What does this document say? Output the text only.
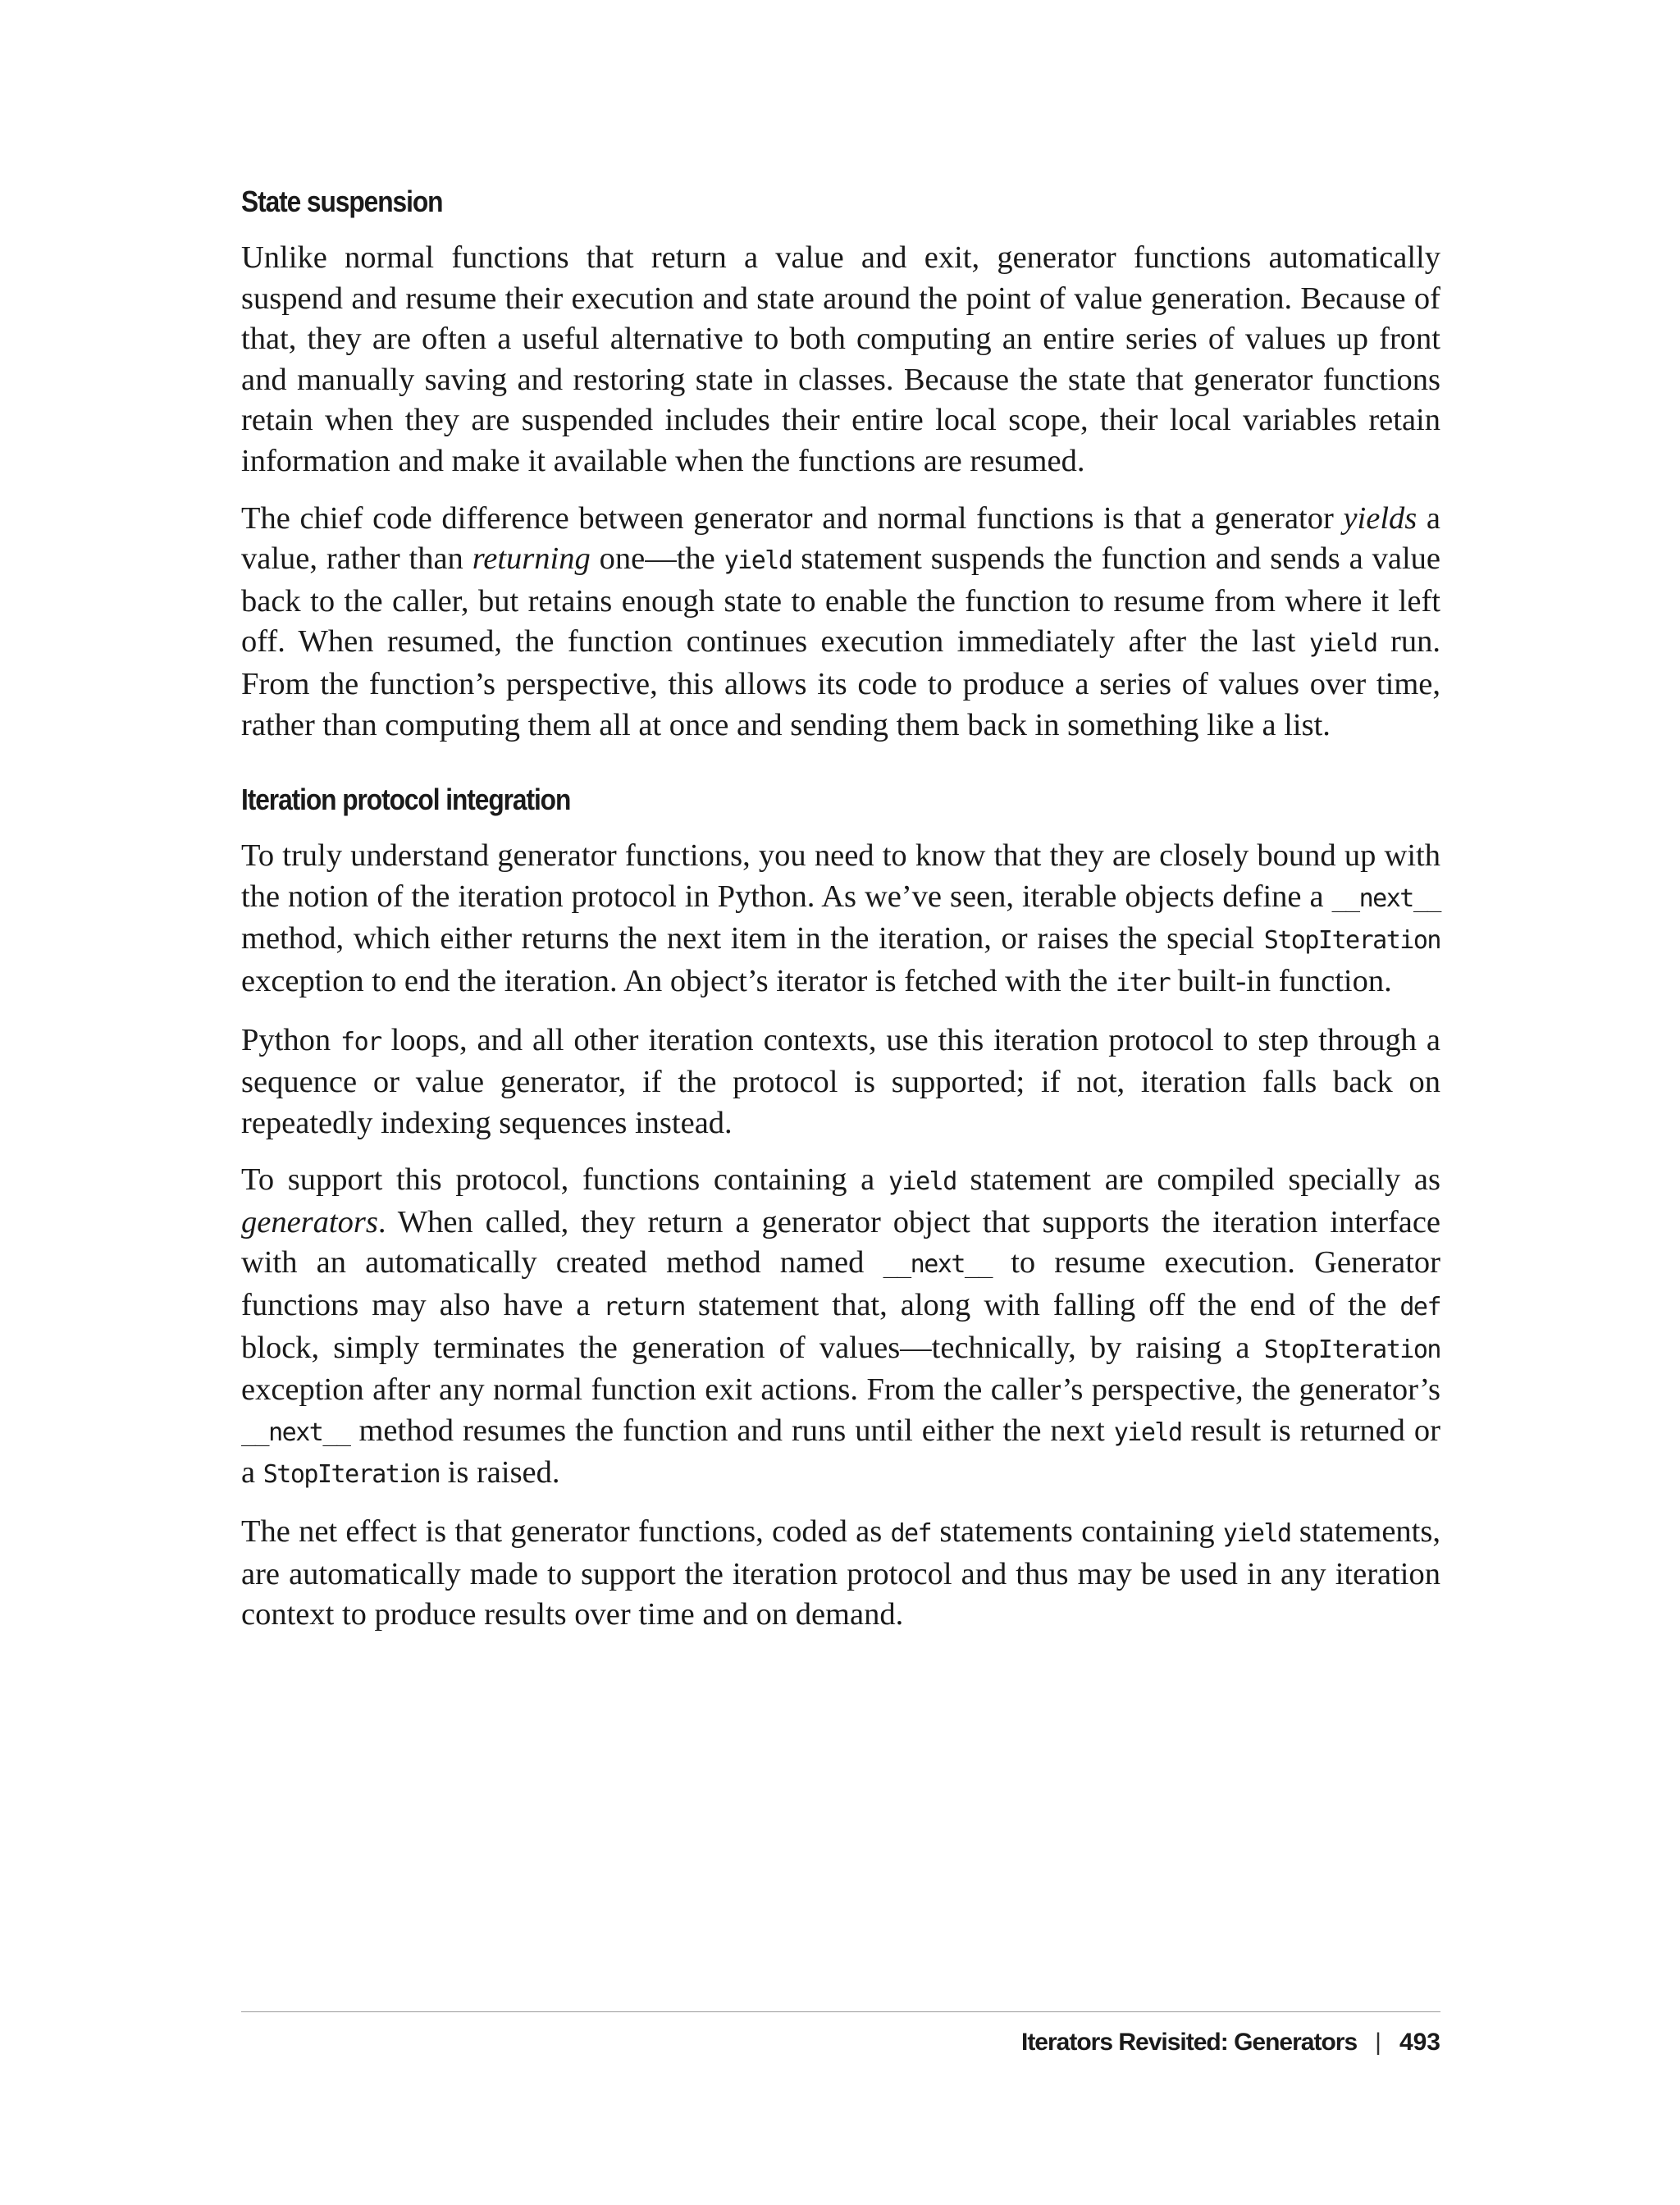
State suspension

Unlike normal functions that return a value and exit, generator functions automatically suspend and resume their execution and state around the point of value generation. Because of that, they are often a useful alternative to both computing an entire series of values up front and manually saving and restoring state in classes. Because the state that generator functions retain when they are suspended includes their entire local scope, their local variables retain information and make it available when the functions are resumed.

The chief code difference between generator and normal functions is that a generator yields a value, rather than returning one—the yield statement suspends the function and sends a value back to the caller, but retains enough state to enable the function to resume from where it left off. When resumed, the function continues execution immediately after the last yield run. From the function’s perspective, this allows its code to produce a series of values over time, rather than computing them all at once and sending them back in something like a list.

Iteration protocol integration

To truly understand generator functions, you need to know that they are closely bound up with the notion of the iteration protocol in Python. As we’ve seen, iterable objects define a __next__ method, which either returns the next item in the iteration, or raises the special StopIteration exception to end the iteration. An object’s iterator is fetched with the iter built-in function.

Python for loops, and all other iteration contexts, use this iteration protocol to step through a sequence or value generator, if the protocol is supported; if not, iteration falls back on repeatedly indexing sequences instead.

To support this protocol, functions containing a yield statement are compiled specially as generators. When called, they return a generator object that supports the iteration interface with an automatically created method named __next__ to resume execution. Generator functions may also have a return statement that, along with falling off the end of the def block, simply terminates the generation of values—technically, by raising a StopIteration exception after any normal function exit actions. From the caller’s perspective, the generator’s __next__ method resumes the function and runs until either the next yield result is returned or a StopIteration is raised.

The net effect is that generator functions, coded as def statements containing yield statements, are automatically made to support the iteration protocol and thus may be used in any iteration context to produce results over time and on demand.

Iterators Revisited: Generators | 493
